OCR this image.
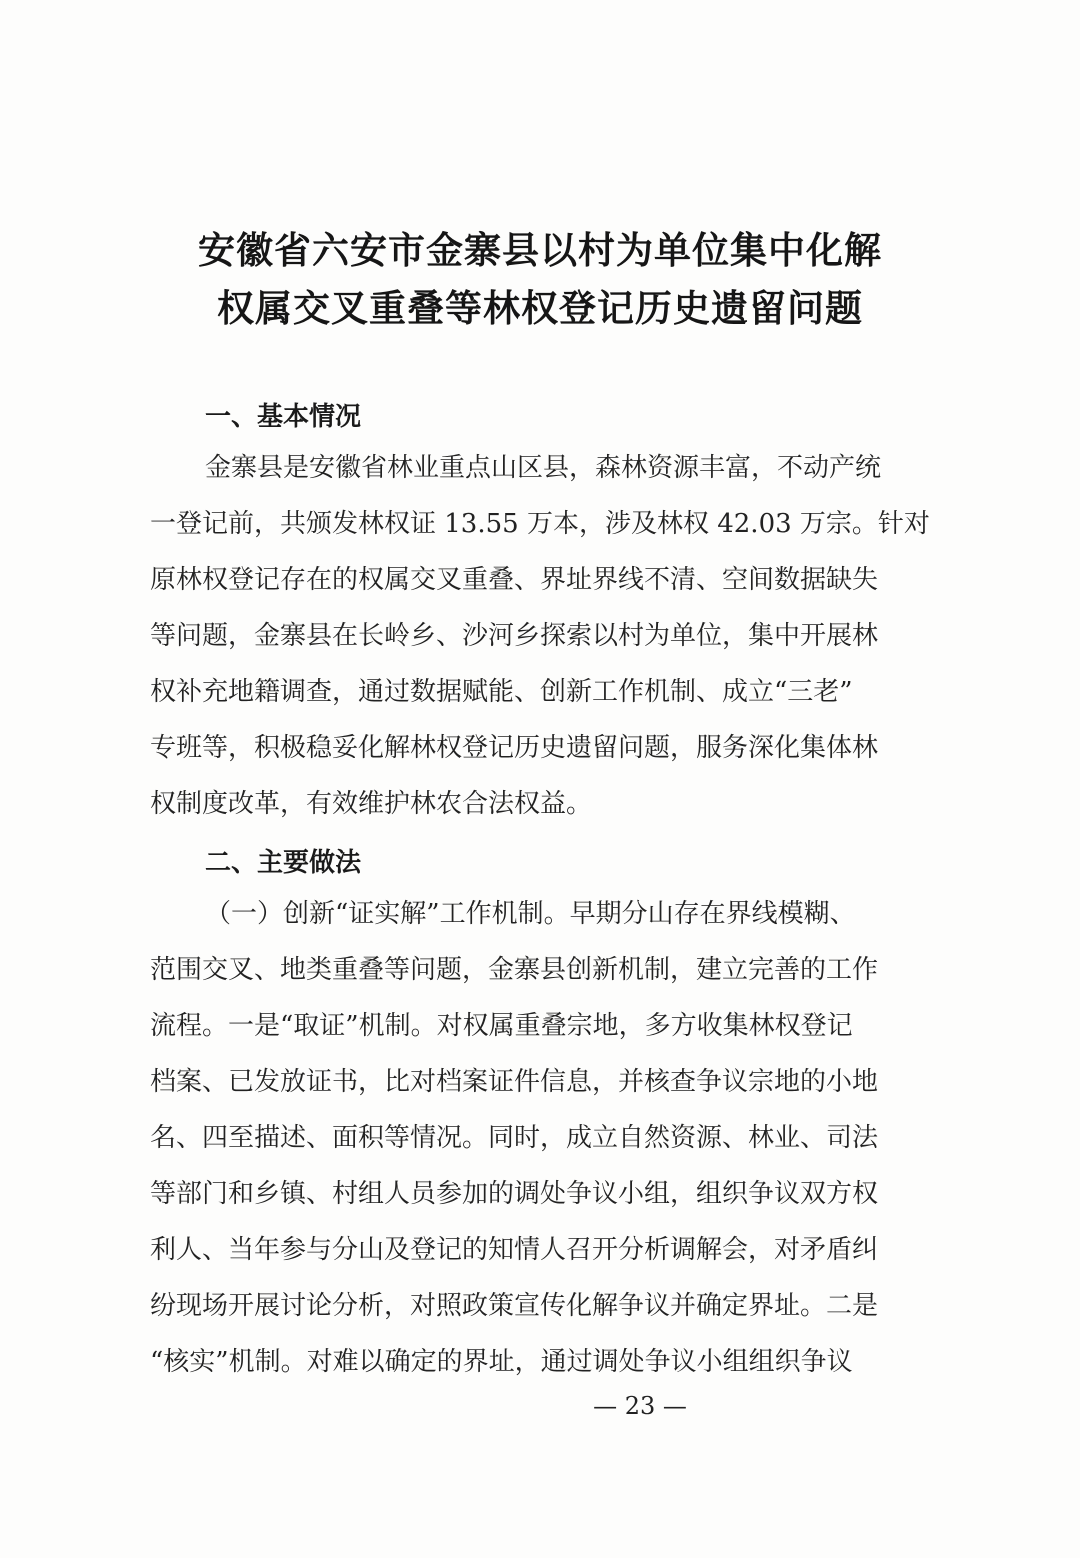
安徽省六安市金寨县以村为单位集中化解
权属交叉重叠等林权登记历史遗留问题
一、基本情况
金寨县是安徽省林业重点山区县，森林资源丰富，不动产统
一登记前，共颁发林权证 13.55 万本，涉及林权 42.03 万宗。针对
原林权登记存在的权属交叉重叠、界址界线不清、空间数据缺失
等问题，金寨县在长岭乡、沙河乡探索以村为单位，集中开展林
权补充地籍调查，通过数据赋能、创新工作机制、成立“三老”
专班等，积极稳妥化解林权登记历史遗留问题，服务深化集体林
权制度改革，有效维护林农合法权益。
二、主要做法
（一）创新“证实解”工作机制。早期分山存在界线模糊、
范围交叉、地类重叠等问题，金寨县创新机制，建立完善的工作
流程。一是“取证”机制。对权属重叠宗地，多方收集林权登记
档案、已发放证书，比对档案证件信息，并核查争议宗地的小地
名、四至描述、面积等情况。同时，成立自然资源、林业、司法
等部门和乡镇、村组人员参加的调处争议小组，组织争议双方权
利人、当年参与分山及登记的知情人召开分析调解会，对矛盾纠
纷现场开展讨论分析，对照政策宣传化解争议并确定界址。二是
“核实”机制。对难以确定的界址，通过调处争议小组组织争议
— 23 —
